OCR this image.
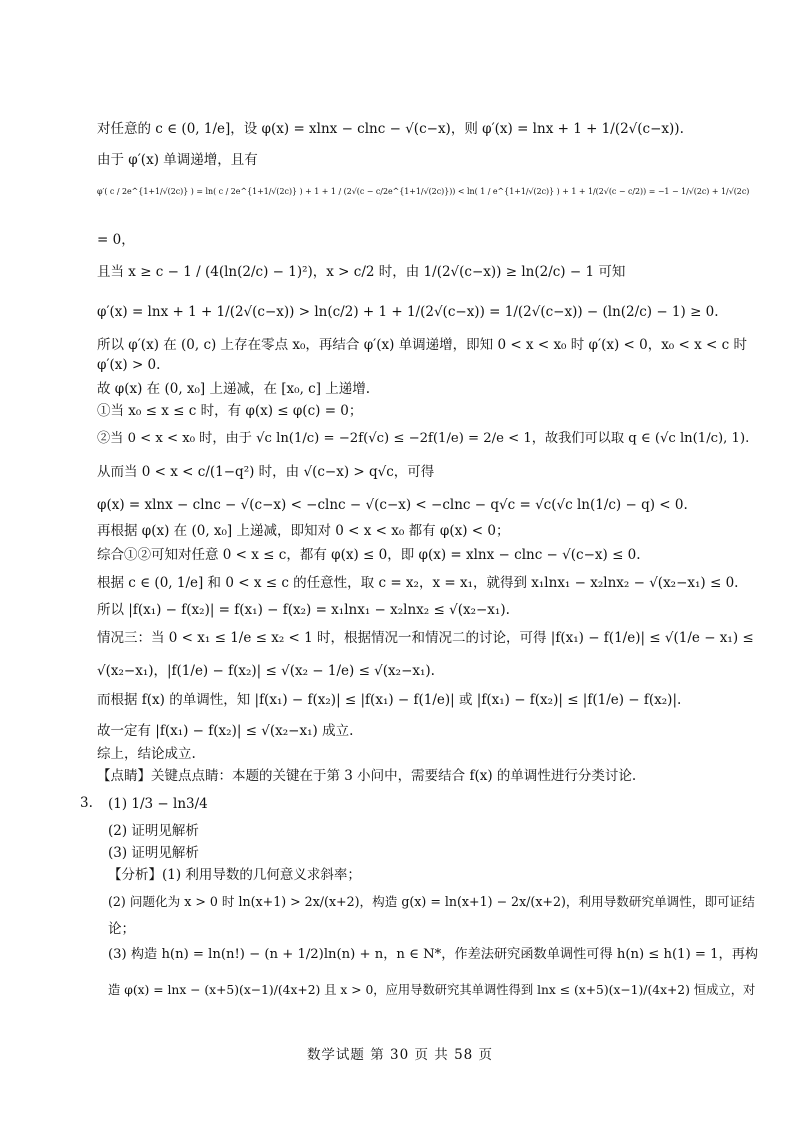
对任意的 c ∈ (0, 1/e]，设 φ(x) = xlnx − clnc − √(c−x)，则 φ′(x) = lnx + 1 + 1/(2√(c−x)).
由于 φ′(x) 单调递增，且有
φ′( c / 2e^{1+1/√(2c)} ) = ln( c / 2e^{1+1/√(2c)} ) + 1 + 1 / (2√(c − c/2e^{1+1/√(2c)})) < ln( 1 / e^{1+1/√(2c)} ) + 1 + 1/(2√(c − c/2)) = −1 − 1/√(2c) + 1/√(2c)
= 0，
且当 x ≥ c − 1 / (4(ln(2/c) − 1)²)，x > c/2 时，由 1/(2√(c−x)) ≥ ln(2/c) − 1 可知
φ′(x) = lnx + 1 + 1/(2√(c−x)) > ln(c/2) + 1 + 1/(2√(c−x)) = 1/(2√(c−x)) − (ln(2/c) − 1) ≥ 0.
所以 φ′(x) 在 (0, c) 上存在零点 x₀，再结合 φ′(x) 单调递增，即知 0 < x < x₀ 时 φ′(x) < 0，x₀ < x < c 时
φ′(x) > 0.
故 φ(x) 在 (0, x₀] 上递减，在 [x₀, c] 上递增.
①当 x₀ ≤ x ≤ c 时，有 φ(x) ≤ φ(c) = 0；
②当 0 < x < x₀ 时，由于 √c ln(1/c) = −2f(√c) ≤ −2f(1/e) = 2/e < 1，故我们可以取 q ∈ (√c ln(1/c), 1).
从而当 0 < x < c/(1−q²) 时，由 √(c−x) > q√c，可得
φ(x) = xlnx − clnc − √(c−x) < −clnc − √(c−x) < −clnc − q√c = √c(√c ln(1/c) − q) < 0.
再根据 φ(x) 在 (0, x₀] 上递减，即知对 0 < x < x₀ 都有 φ(x) < 0；
综合①②可知对任意 0 < x ≤ c，都有 φ(x) ≤ 0，即 φ(x) = xlnx − clnc − √(c−x) ≤ 0.
根据 c ∈ (0, 1/e] 和 0 < x ≤ c 的任意性，取 c = x₂，x = x₁，就得到 x₁lnx₁ − x₂lnx₂ − √(x₂−x₁) ≤ 0.
所以 |f(x₁) − f(x₂)| = f(x₁) − f(x₂) = x₁lnx₁ − x₂lnx₂ ≤ √(x₂−x₁).
情况三：当 0 < x₁ ≤ 1/e ≤ x₂ < 1 时，根据情况一和情况二的讨论，可得 |f(x₁) − f(1/e)| ≤ √(1/e − x₁) ≤
√(x₂−x₁)，|f(1/e) − f(x₂)| ≤ √(x₂ − 1/e) ≤ √(x₂−x₁).
而根据 f(x) 的单调性，知 |f(x₁) − f(x₂)| ≤ |f(x₁) − f(1/e)| 或 |f(x₁) − f(x₂)| ≤ |f(1/e) − f(x₂)|.
故一定有 |f(x₁) − f(x₂)| ≤ √(x₂−x₁) 成立.
综上，结论成立.
【点睛】关键点点睛：本题的关键在于第 3 小问中，需要结合 f(x) 的单调性进行分类讨论.
3. (1) 1/3 − ln3/4
(2) 证明见解析
(3) 证明见解析
【分析】(1) 利用导数的几何意义求斜率；
(2) 问题化为 x > 0 时 ln(x+1) > 2x/(x+2)，构造 g(x) = ln(x+1) − 2x/(x+2)，利用导数研究单调性，即可证结
论；
(3) 构造 h(n) = ln(n!) − (n + 1/2)ln(n) + n，n ∈ N*，作差法研究函数单调性可得 h(n) ≤ h(1) = 1，再构
造 φ(x) = lnx − (x+5)(x−1)/(4x+2) 且 x > 0，应用导数研究其单调性得到 lnx ≤ (x+5)(x−1)/(4x+2) 恒成立，对
数学试题 第 30 页 共 58 页
